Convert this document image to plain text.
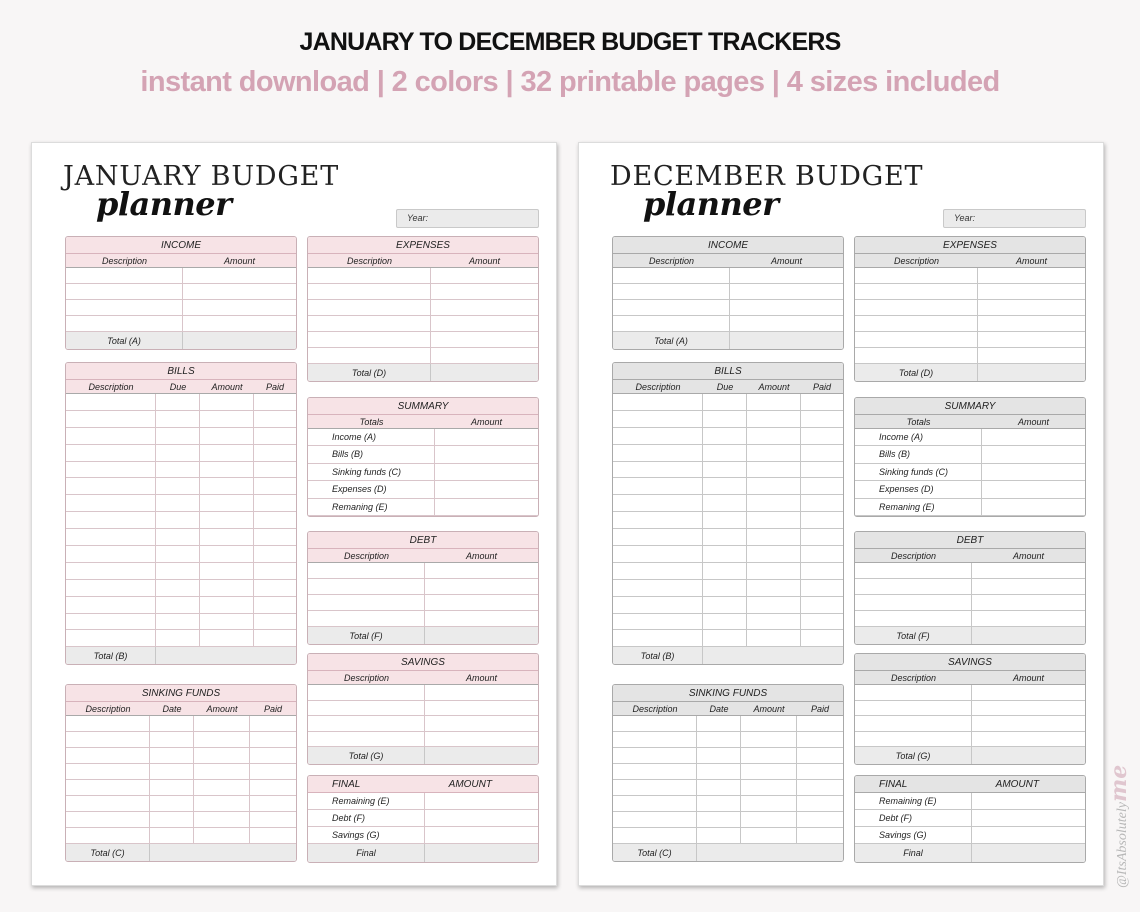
JANUARY TO DECEMBER BUDGET TRACKERS
instant download | 2 colors | 32 printable pages | 4 sizes included
JANUARY BUDGET
planner	Year:
INCOME
Description	Amount
Total (A)
BILLS
Description	Due	Amount	Paid
Total (B)
SINKING FUNDS
Description	Date	Amount	Paid
Total (C)
EXPENSES
Description	Amount
Total (D)
SUMMARY
Totals	Amount
Income (A)
Bills (B)
Sinking funds (C)
Expenses (D)
Remaning (E)
DEBT
Description	Amount
Total (F)
SAVINGS
Description	Amount
Total (G)
FINAL	AMOUNT
Remaining (E)
Debt (F)
Savings (G)
Final
DECEMBER BUDGET
planner	Year:
INCOME
Description	Amount
Total (A)
BILLS
Description	Due	Amount	Paid
Total (B)
SINKING FUNDS
Description	Date	Amount	Paid
Total (C)
EXPENSES
Description	Amount
Total (D)
SUMMARY
Totals	Amount
Income (A)
Bills (B)
Sinking funds (C)
Expenses (D)
Remaning (E)
DEBT
Description	Amount
Total (F)
SAVINGS
Description	Amount
Total (G)
FINAL	AMOUNT
Remaining (E)
Debt (F)
Savings (G)
Final	@ItsAbsolutelyme
